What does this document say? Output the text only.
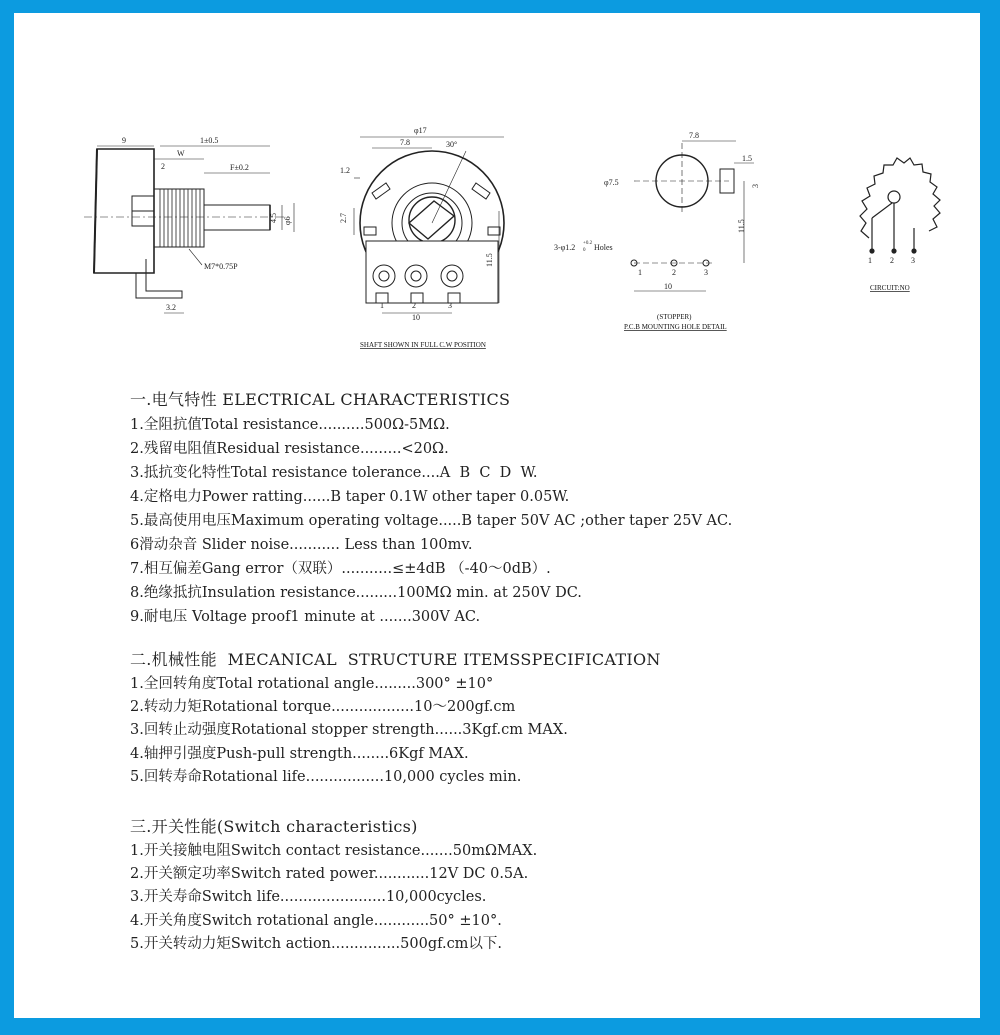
9	1±0.5
2
W
F±0.2
4.5 φ6
M7*0.75P
3.2
φ17
7.8	30°
1.2
2.7
11.5
10
1	2	3
SHAFT SHOWN IN FULL C.W POSITION
7.8
1.5
φ7.5	3
11.5
3-φ1.2 +0.2
0 Holes
1	2	3
10
(STOPPER)
P.C.B MOUNTING HOLE DETAIL
1 2 3
CIRCUIT:NO

一.电气特性 ELECTRICAL CHARACTERISTICS

1.全阻抗值Total resistance..........500Ω-5MΩ.

2.残留电阻值Residual resistance.........<20Ω.

3.抵抗变化特性Total resistance tolerance....A  B  C  D  W.

4.定格电力Power ratting......B taper 0.1W other taper 0.05W.

5.最高使用电压Maximum operating voltage.....B taper 50V AC ;other taper 25V AC.

6滑动杂音 Slider noise........... Less than 100mv.

7.相互偏差Gang error（双联）...........≤±4dB （-40～0dB）.

8.绝缘抵抗Insulation resistance.........100MΩ min. at 250V DC.

9.耐电压 Voltage proof1 minute at .......300V AC.

二.机械性能  MECANICAL  STRUCTURE ITEMSSPECIFICATION

1.全回转角度Total rotational angle.........300° ±10°

2.转动力矩Rotational torque..................10～200gf.cm

3.回转止动强度Rotational stopper strength......3Kgf.cm MAX.

4.轴押引强度Push-pull strength........6Kgf MAX.

5.回转寿命Rotational life.................10,000 cycles min.

三.开关性能(Switch characteristics)

1.开关接触电阻Switch contact resistance.......50mΩMAX.

2.开关额定功率Switch rated power............12V DC 0.5A.

3.开关寿命Switch life.......................10,000cycles.

4.开关角度Switch rotational angle............50° ±10°.

5.开关转动力矩Switch action...............500gf.cm以下.
